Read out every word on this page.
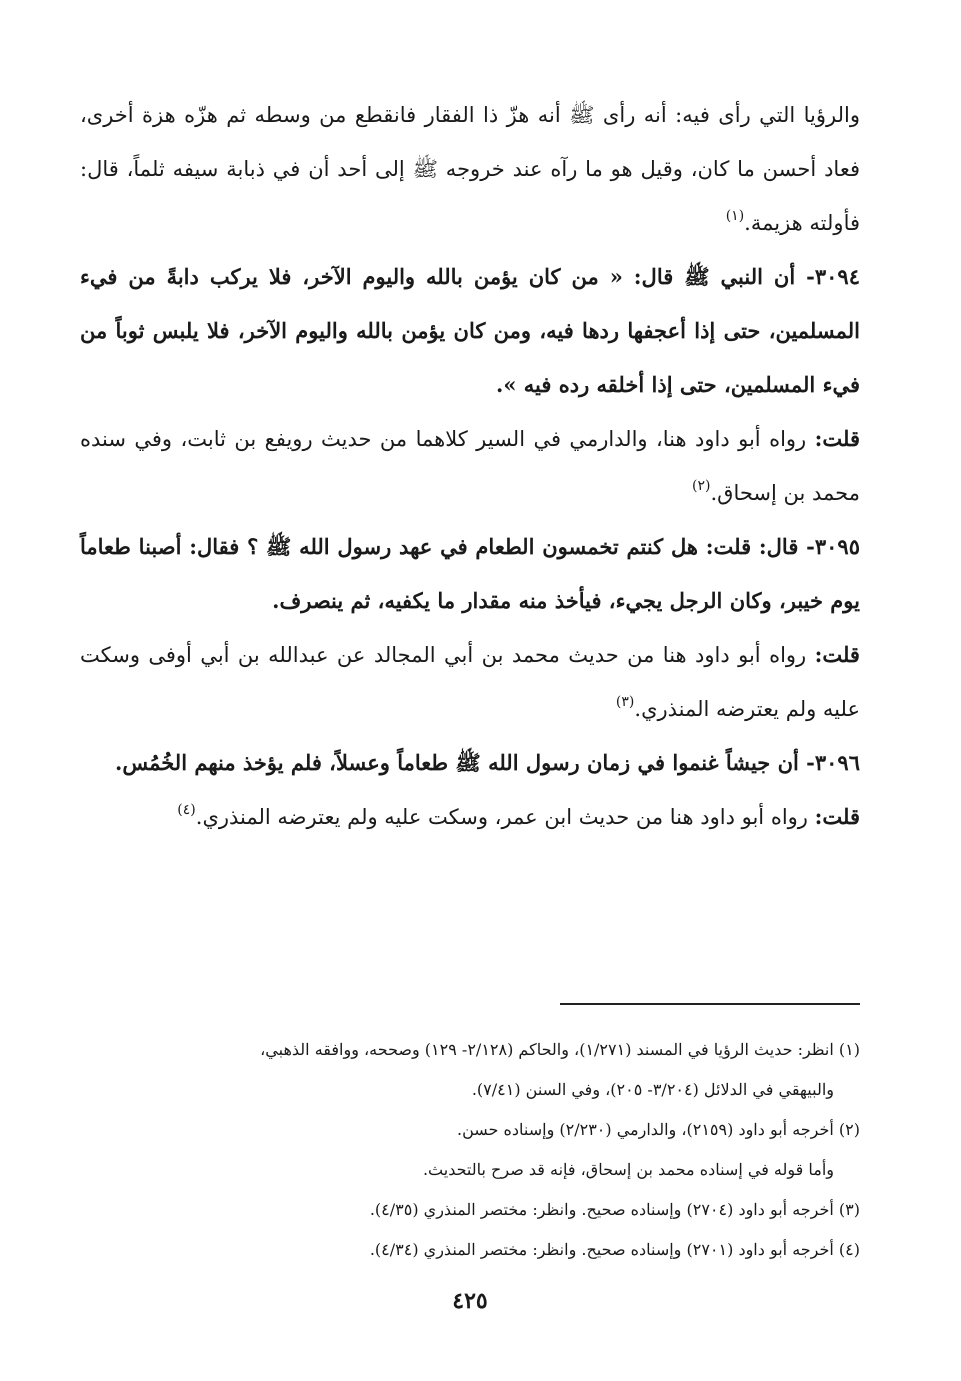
والرؤيا التي رأى فيه: أنه رأى ﷺ أنه هزّ ذا الفقار فانقطع من وسطه ثم هزّه هزة أخرى، فعاد أحسن ما كان، وقيل هو ما رآه عند خروجه ﷺ إلى أحد أن في ذبابة سيفه ثلماً، قال: فأولته هزيمة.$^{(١)}$

٣٠٩٤- أن النبي ﷺ قال: « من كان يؤمن بالله واليوم الآخر، فلا يركب دابةً من فيء المسلمين، حتى إذا أعجفها ردها فيه، ومن كان يؤمن بالله واليوم الآخر، فلا يلبس ثوباً من فيء المسلمين، حتى إذا أخلقه رده فيه ».

قلت: رواه أبو داود هنا، والدارمي في السير كلاهما من حديث رويفع بن ثابت، وفي سنده محمد بن إسحاق.$^{(٢)}$

٣٠٩٥- قال: قلت: هل كنتم تخمسون الطعام في عهد رسول الله ﷺ ؟ فقال: أصبنا طعاماً يوم خيبر، وكان الرجل يجيء، فيأخذ منه مقدار ما يكفيه، ثم ينصرف.

قلت: رواه أبو داود هنا من حديث محمد بن أبي المجالد عن عبدالله بن أبي أوفى وسكت عليه ولم يعترضه المنذري.$^{(٣)}$

٣٠٩٦- أن جيشاً غنموا في زمان رسول الله ﷺ طعاماً وعسلاً، فلم يؤخذ منهم الخُمُس.

قلت: رواه أبو داود هنا من حديث ابن عمر، وسكت عليه ولم يعترضه المنذري.$^{(٤)}$

(١) انظر: حديث الرؤيا في المسند (١/٢٧١)، والحاكم (٢/١٢٨- ١٢٩) وصححه، ووافقه الذهبي،

والبيهقي في الدلائل (٣/٢٠٤- ٢٠٥)، وفي السنن (٧/٤١).

(٢) أخرجه أبو داود (٢١٥٩)، والدارمي (٢/٢٣٠) وإسناده حسن.

وأما قوله في إسناده محمد بن إسحاق، فإنه قد صرح بالتحديث.

(٣) أخرجه أبو داود (٢٧٠٤) وإسناده صحيح. وانظر: مختصر المنذري (٤/٣٥).

(٤) أخرجه أبو داود (٢٧٠١) وإسناده صحيح. وانظر: مختصر المنذري (٤/٣٤).

٤٢٥
